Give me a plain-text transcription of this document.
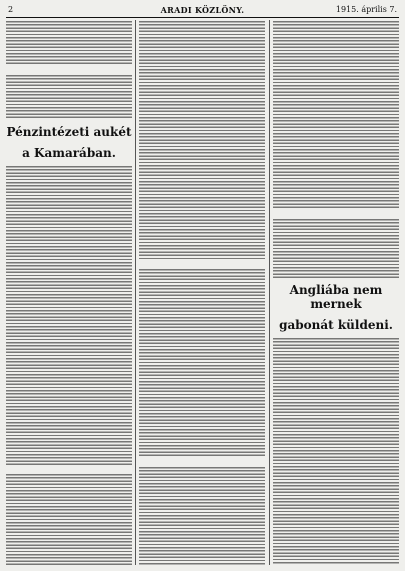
2	ARADI KÖZLÖNY.	1915. április 7.
Pénzintézeti aukét
a Kamarában.
Angliába nem mernek
gabonát küldeni.
